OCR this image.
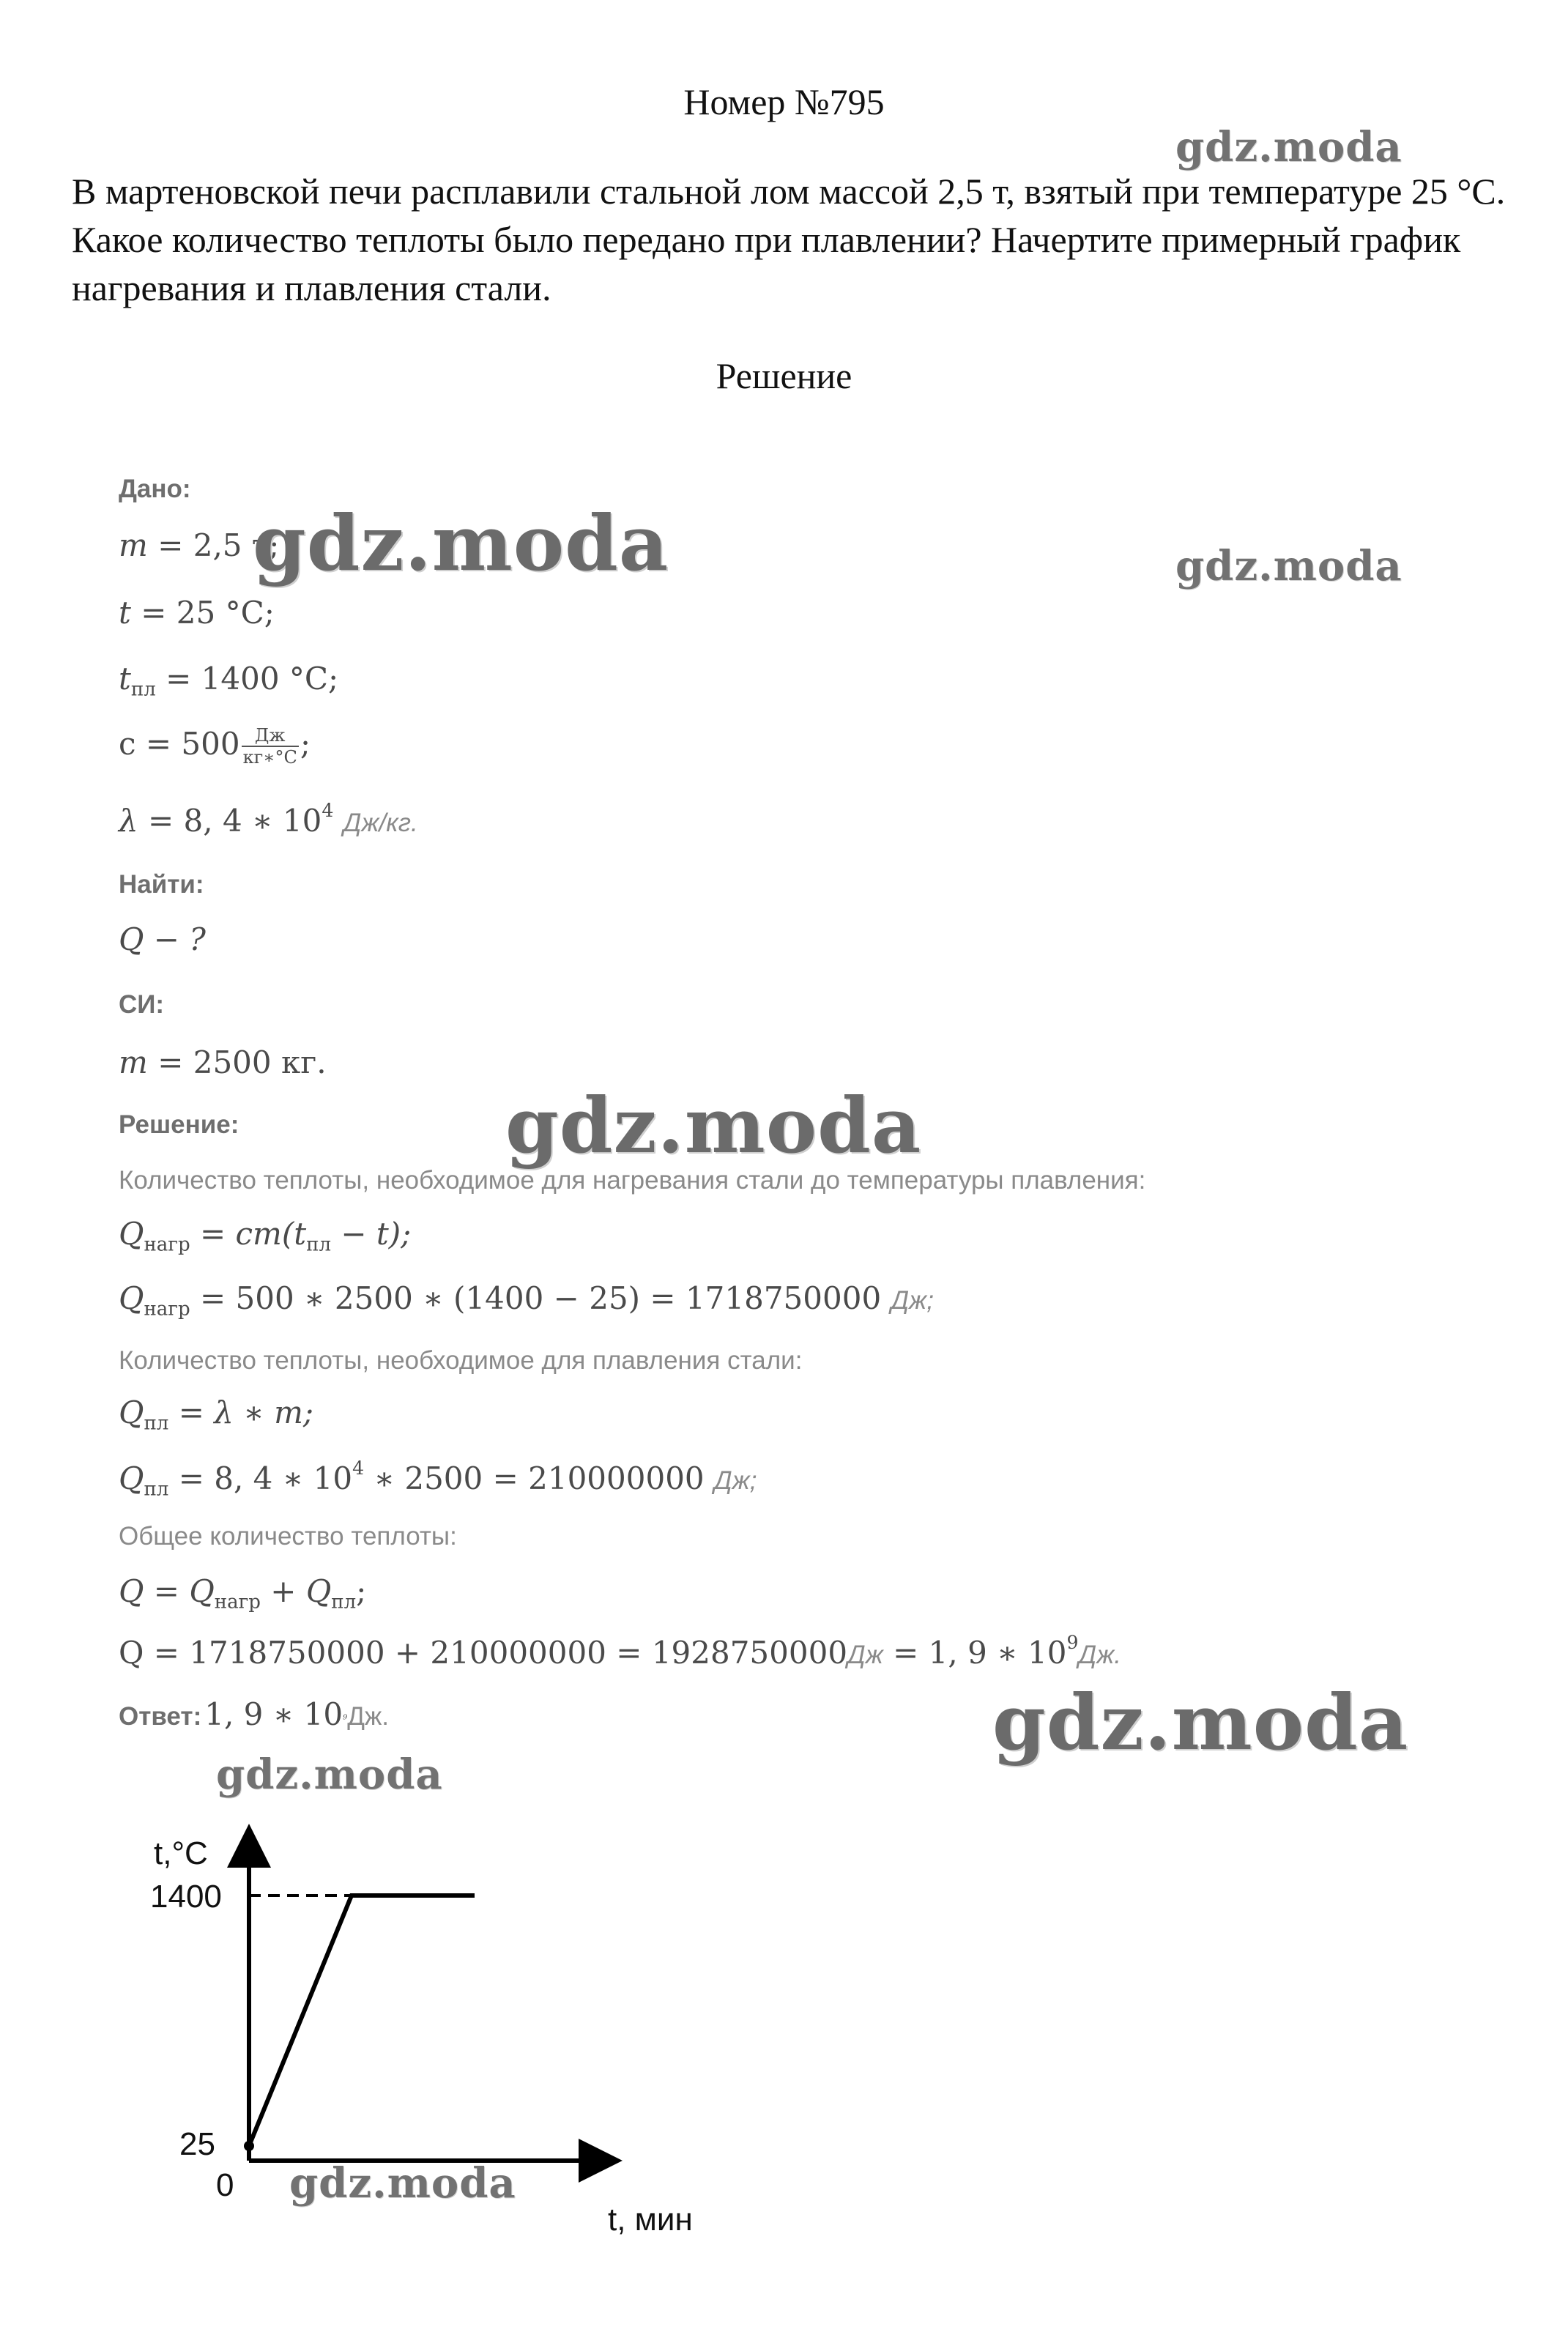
Номер №795
В мартеновской печи расплавили стальной лом массой 2,5 т, взятый при температуре 25 °С. Какое количество теплоты было передано при плавлении? Начертите примерный график нагревания и плавления стали.
Решение
Дано:
m = 2,5 т;
t = 25 °C;
$t_{пл} = 1400$ °C;
$c = 500 \frac{Дж}{кг∗^\circ C}$ ;
λ = 8, 4 ∗ $10^4$ Дж/кг.
Найти:
Q − ?
СИ:
m = 2500 кг.
Решение:
Количество теплоты, необходимое для нагревания стали до температуры плавления:
$Q_{нагр} = cm(t_{пл} - t)$;
$Q_{нагр} = 500$ ∗ 2500 ∗ (1400 − 25) = 1718750000 Дж;
Количество теплоты, необходимое для плавления стали:
$Q_{пл} = \lambda$ ∗ m;
$Q_{пл} = 8$, 4 ∗ $10^4$ ∗ 2500 = 210000000 Дж;
Общее количество теплоты:
$Q = Q_{нагр} + Q_{пл}$;
Q = 1718750000 + 210000000 = 1928750000Дж = 1, 9 ∗ $10^9Дж$.
Ответ: 1, 9 ∗ $10^9Дж$.
gdz.moda
gdz.moda	gdz.moda
gdz.moda
gdz.moda
gdz.moda
gdz.moda
t,°C
t, мин
1400
25
0
